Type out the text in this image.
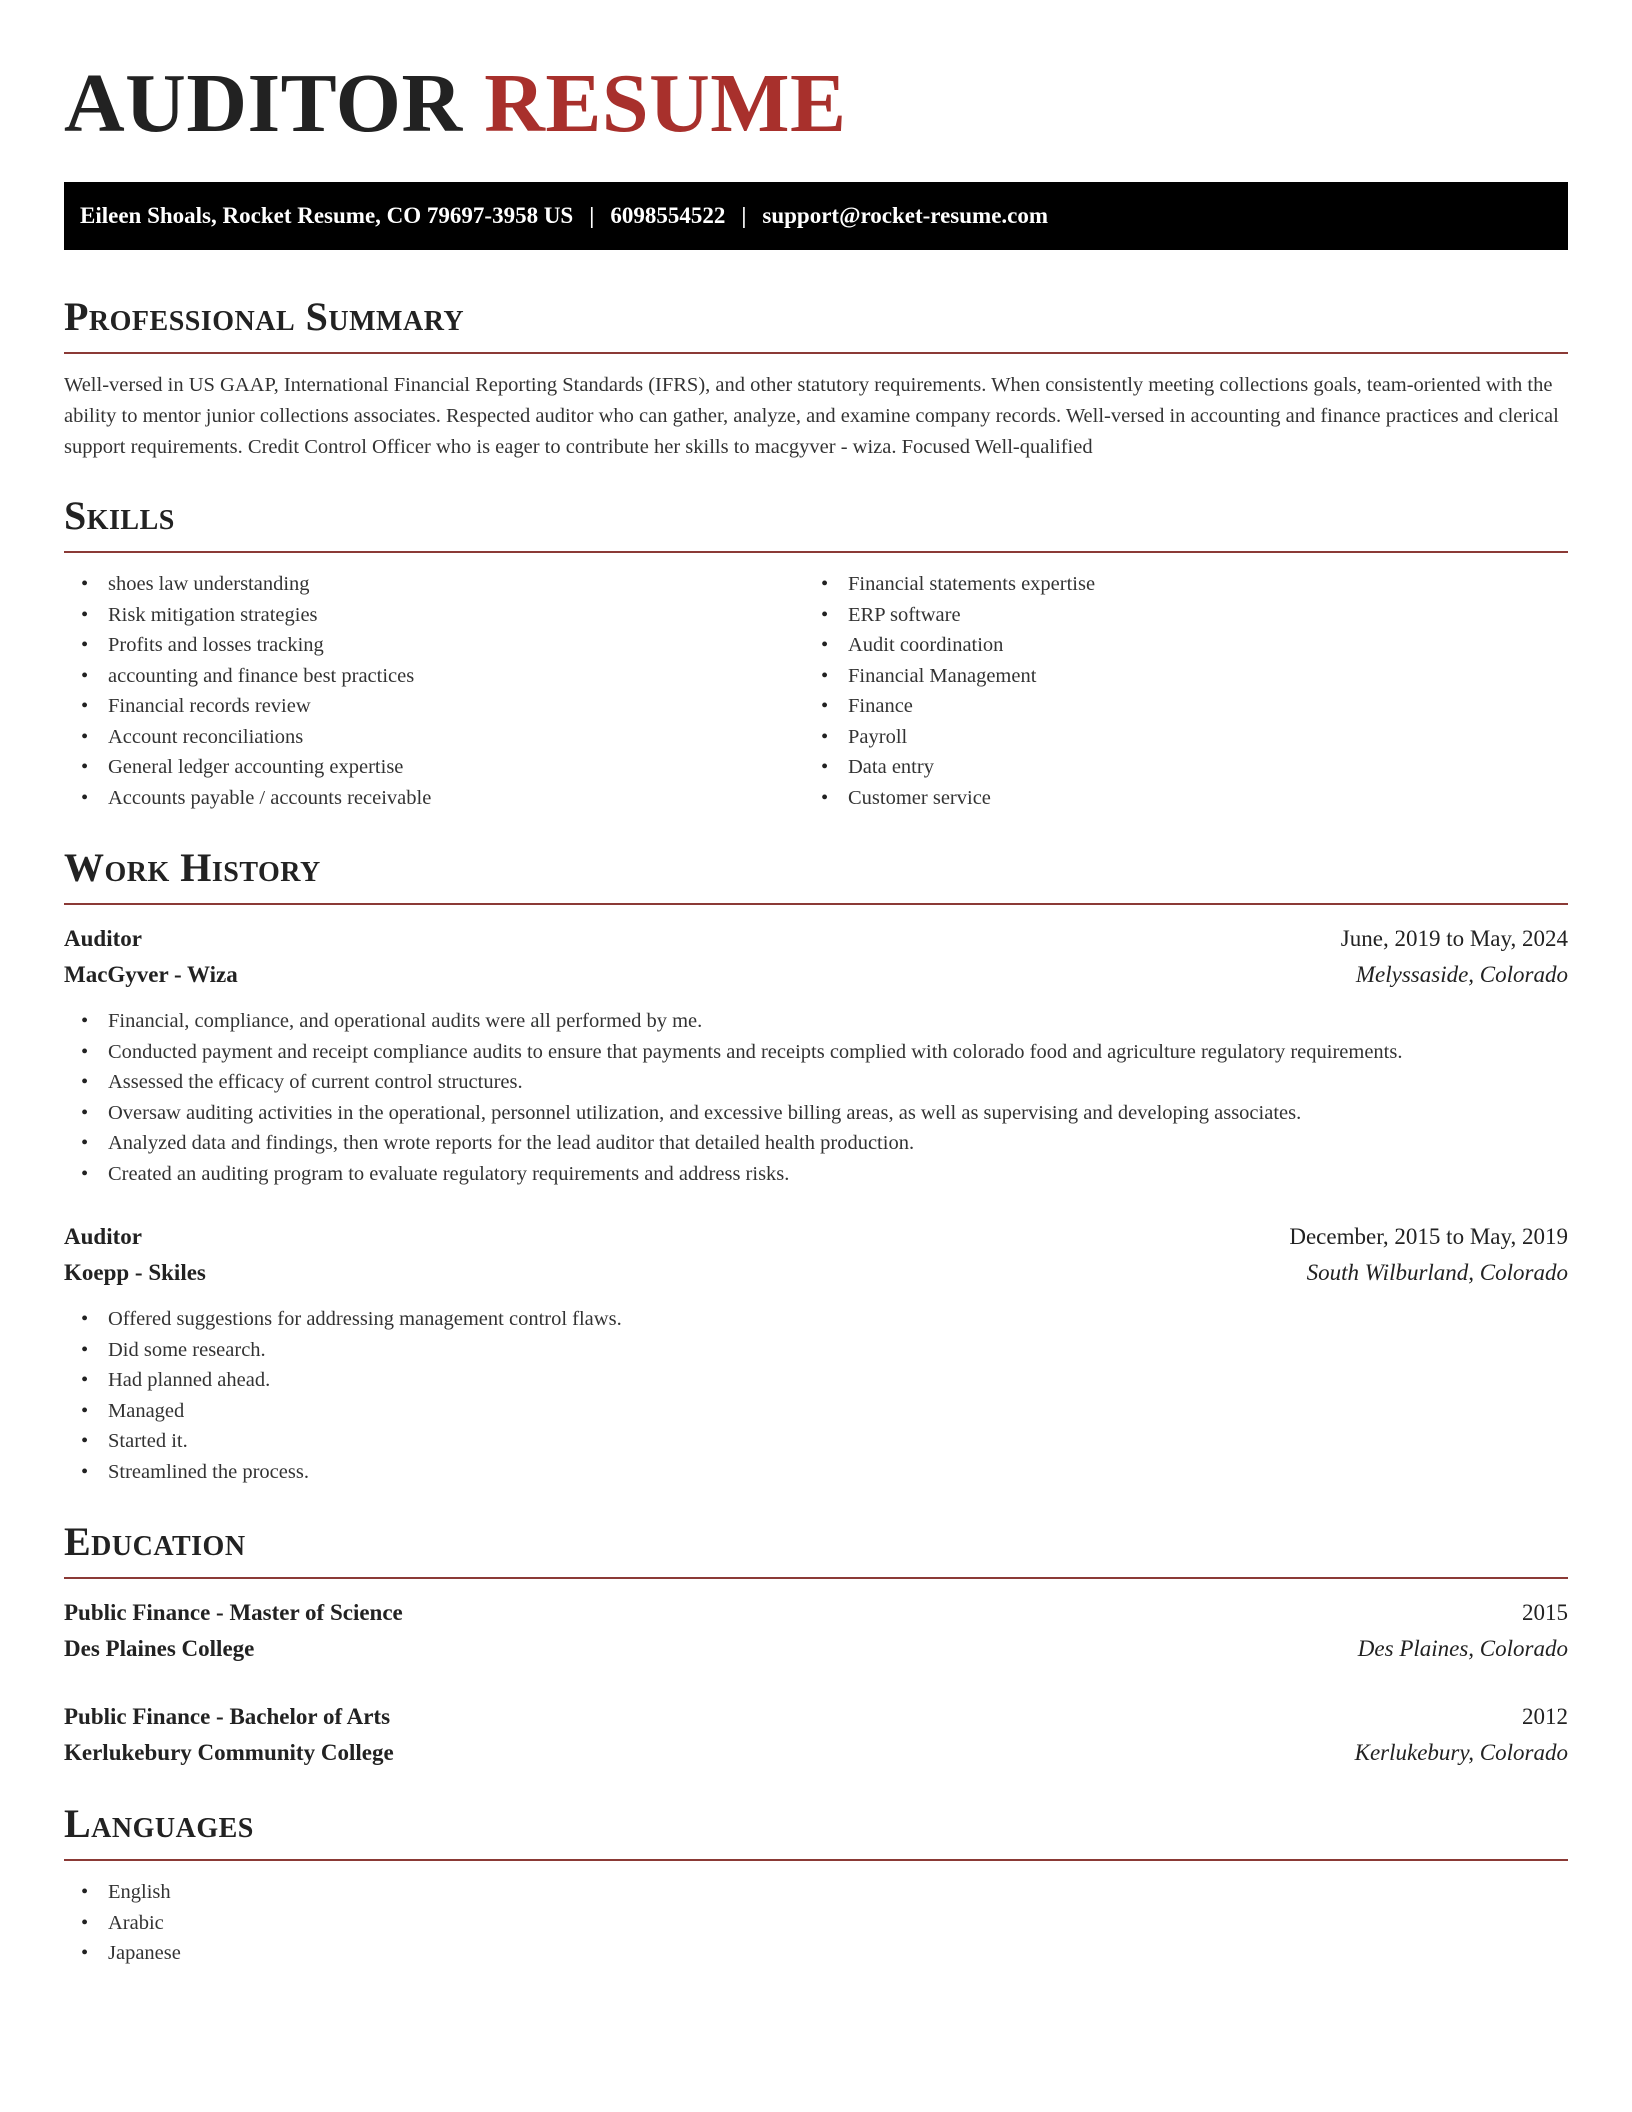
AUDITOR RESUME
Eileen Shoals, Rocket Resume, CO 79697-3958 US | 6098554522 | support@rocket-resume.com
Professional Summary

Well-versed in US GAAP, International Financial Reporting Standards (IFRS), and other statutory requirements. When consistently meeting collections goals, team-oriented with the ability to mentor junior collections associates. Respected auditor who can gather, analyze, and examine company records. Well-versed in accounting and finance practices and clerical support requirements. Credit Control Officer who is eager to contribute her skills to macgyver - wiza. Focused Well-qualified

Skills
• shoes law understanding
• Risk mitigation strategies
• Profits and losses tracking
• accounting and finance best practices
• Financial records review
• Account reconciliations
• General ledger accounting expertise
• Accounts payable / accounts receivable
• Financial statements expertise
• ERP software
• Audit coordination
• Financial Management
• Finance
• Payroll
• Data entry
• Customer service
Work History
Auditor	June, 2019 to May, 2024
MacGyver - Wiza	Melyssaside, Colorado
• Financial, compliance, and operational audits were all performed by me.
• Conducted payment and receipt compliance audits to ensure that payments and receipts complied with colorado food and agriculture regulatory requirements.
• Assessed the efficacy of current control structures.
• Oversaw auditing activities in the operational, personnel utilization, and excessive billing areas, as well as supervising and developing associates.
• Analyzed data and findings, then wrote reports for the lead auditor that detailed health production.
• Created an auditing program to evaluate regulatory requirements and address risks.
Auditor	December, 2015 to May, 2019
Koepp - Skiles	South Wilburland, Colorado
• Offered suggestions for addressing management control flaws.
• Did some research.
• Had planned ahead.
• Managed
• Started it.
• Streamlined the process.
Education
Public Finance - Master of Science	2015
Des Plaines College	Des Plaines, Colorado
Public Finance - Bachelor of Arts	2012
Kerlukebury Community College	Kerlukebury, Colorado
Languages
• English
• Arabic
• Japanese
